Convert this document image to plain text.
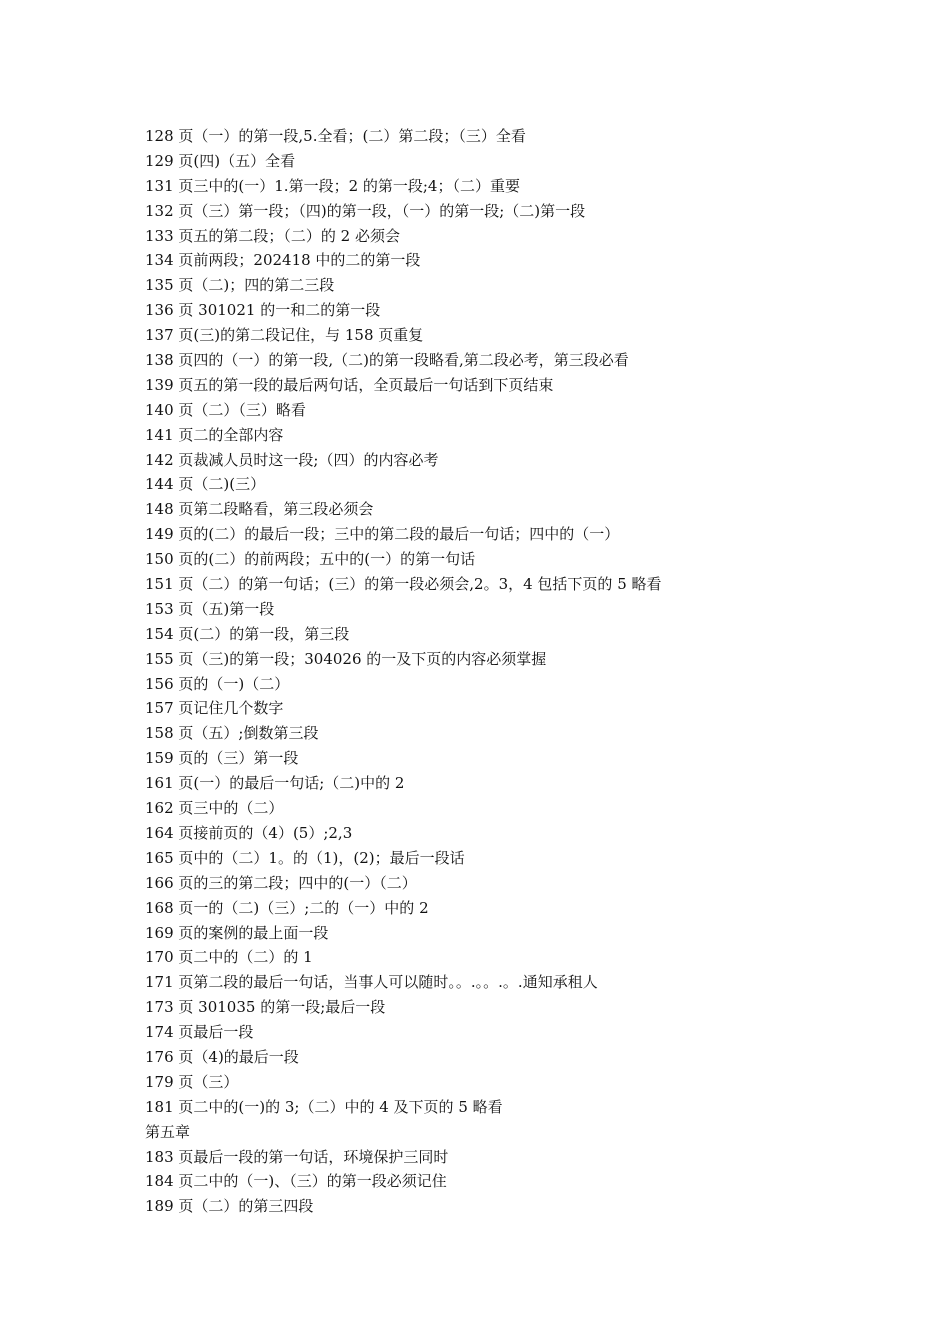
128 页（一）的第一段,5.全看；(二）第二段；（三）全看
129 页(四)（五）全看
131 页三中的(一）1.第一段；2 的第一段;4；（二）重要
132 页（三）第一段；（四)的第一段，（一）的第一段;（二)第一段
133 页五的第二段；（二）的 2 必须会
134 页前两段；202418 中的二的第一段
135 页（二)；四的第二三段
136 页 301021 的一和二的第一段
137 页(三)的第二段记住，与 158 页重复
138 页四的（一）的第一段,（二)的第一段略看,第二段必考，第三段必看
139 页五的第一段的最后两句话，全页最后一句话到下页结束
140 页（二）（三）略看
141 页二的全部内容
142 页裁减人员时这一段;（四）的内容必考
144 页（二)(三）
148 页第二段略看，第三段必须会
149 页的(二）的最后一段；三中的第二段的最后一句话；四中的（一）
150 页的(二）的前两段；五中的(一）的第一句话
151 页（二）的第一句话；(三）的第一段必须会,2。3，4 包括下页的 5 略看
153 页（五)第一段
154 页(二）的第一段，第三段
155 页（三)的第一段；304026 的一及下页的内容必须掌握
156 页的（一)（二）
157 页记住几个数字
158 页（五）;倒数第三段
159 页的（三）第一段
161 页(一）的最后一句话;（二)中的 2
162 页三中的（二）
164 页接前页的（4）(5）;2,3
165 页中的（二）1。的（1)，(2)；最后一段话
166 页的三的第二段；四中的(一）（二）
168 页一的（二)（三）;二的（一）中的 2
169 页的案例的最上面一段
170 页二中的（二）的 1
171 页第二段的最后一句话，当事人可以随时。。.。。.。.通知承租人
173 页 301035 的第一段;最后一段
174 页最后一段
176 页（4)的最后一段
179 页（三）
181 页二中的(一)的 3;（二）中的 4 及下页的 5 略看
第五章
183 页最后一段的第一句话，环境保护三同时
184 页二中的（一)、（三）的第一段必须记住
189 页（二）的第三四段
